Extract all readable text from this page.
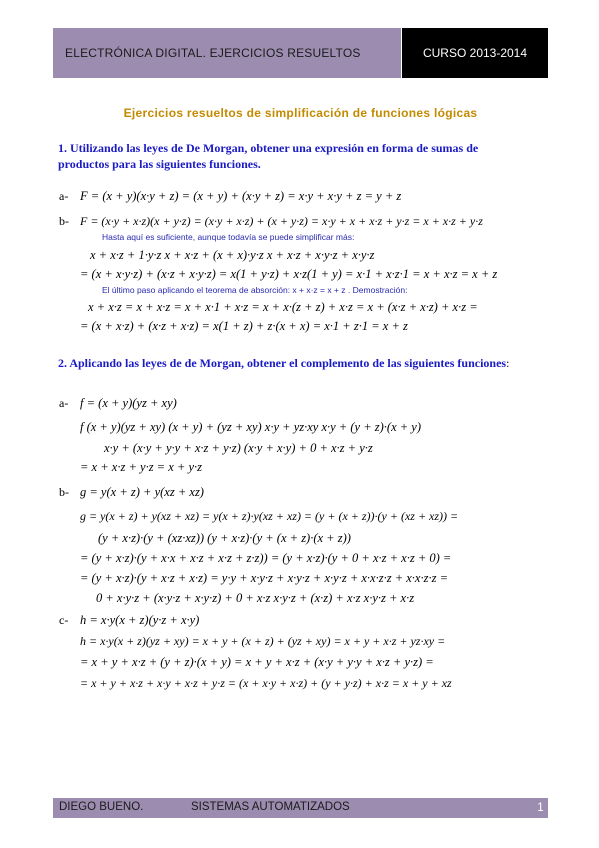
ELECTRÓNICA DIGITAL. EJERCICIOS RESUELTOS	CURSO 2013-2014
Ejercicios resueltos de simplificación de funciones lógicas
1. Utilizando las leyes de De Morgan, obtener una expresión en forma de sumas de productos para las siguientes funciones.
a- F = (x + y)(x·y + z) = (x + y) + (x·y + z) = x·y + x·y + z = y + z
b- F = (x·y + x·z)(x + y·z) = (x·y + x·z) + (x + y·z) = x·y + x + x·z + y·z = x + x·z + y·z
Hasta aquí es suficiente, aunque todavía se puede simplificar más:
x + x·z + 1·y·z x + x·z + (x + x)·y·z x + x·z + x·y·z + x·y·z
= (x + x·y·z) + (x·z + x·y·z) = x(1 + y·z) + x·z(1 + y) = x·1 + x·z·1 = x + x·z = x + z
El último paso aplicando el teorema de absorción: x + x·z = x + z . Demostración:
x + x·z = x + x·z = x + x·1 + x·z = x + x·(z + z) + x·z = x + (x·z + x·z) + x·z =
= (x + x·z) + (x·z + x·z) = x(1 + z) + z·(x + x) = x·1 + z·1 = x + z
2. Aplicando las leyes de de Morgan, obtener el complemento de las siguientes funciones:
a- f = (x + y)(yz + xy)
f (x + y)(yz + xy) (x + y) + (yz + xy) x·y + yz·xy x·y + (y + z)·(x + y)
x·y + (x·y + y·y + x·z + y·z) (x·y + x·y) + 0 + x·z + y·z
= x + x·z + y·z = x + y·z
b- g = y(x + z) + y(xz + xz)
g = y(x + z) + y(xz + xz) = y(x + z)·y(xz + xz) = (y + (x + z))·(y + (xz + xz)) =
(y + x·z)·(y + (xz·xz)) (y + x·z)·(y + (x + z)·(x + z))
= (y + x·z)·(y + x·x + x·z + x·z + z·z)) = (y + x·z)·(y + 0 + x·z + x·z + 0) =
= (y + x·z)·(y + x·z + x·z) = y·y + x·y·z + x·y·z + x·y·z + x·x·z·z + x·x·z·z =
0 + x·y·z + (x·y·z + x·y·z) + 0 + x·z x·y·z + (x·z) + x·z x·y·z + x·z
c- h = x·y(x + z)(y·z + x·y)
h = x·y(x + z)(yz + xy) = x + y + (x + z) + (yz + xy) = x + y + x·z + yz·xy =
= x + y + x·z + (y + z)·(x + y) = x + y + x·z + (x·y + y·y + x·z + y·z) =
= x + y + x·z + x·y + x·z + y·z = (x + x·y + x·z) + (y + y·z) + x·z = x + y + xz
DIEGO BUENO.	SISTEMAS AUTOMATIZADOS	1
